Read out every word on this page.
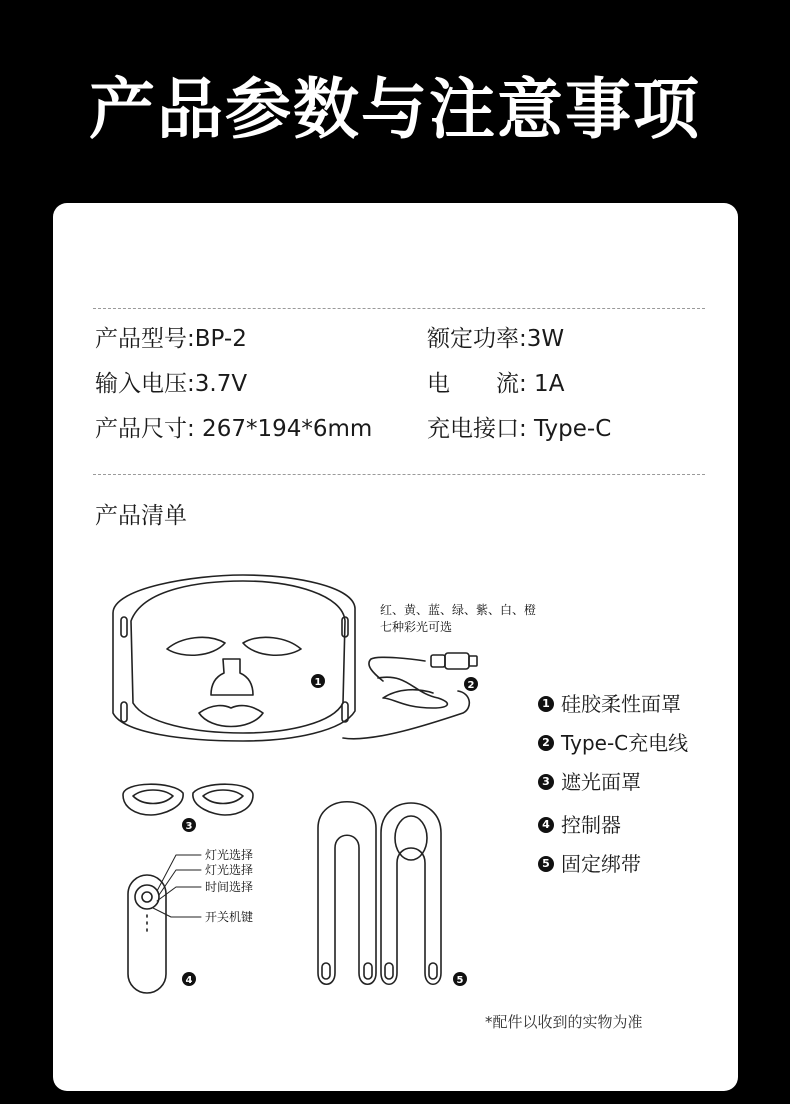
产品参数与注意事项
产品型号:BP-2	额定功率:3W
输入电压:3.7V	电　　流: 1A
产品尺寸: 267*194*6mm 充电接口: Type-C
产品清单
1	2
3
4	5
红、黄、蓝、绿、紫、白、橙
七种彩光可选
灯光选择
灯光选择
时间选择
开关机键
1 硅胶柔性面罩
2 Type-C充电线
3 遮光面罩
4 控制器
5 固定绑带
*配件以收到的实物为准
